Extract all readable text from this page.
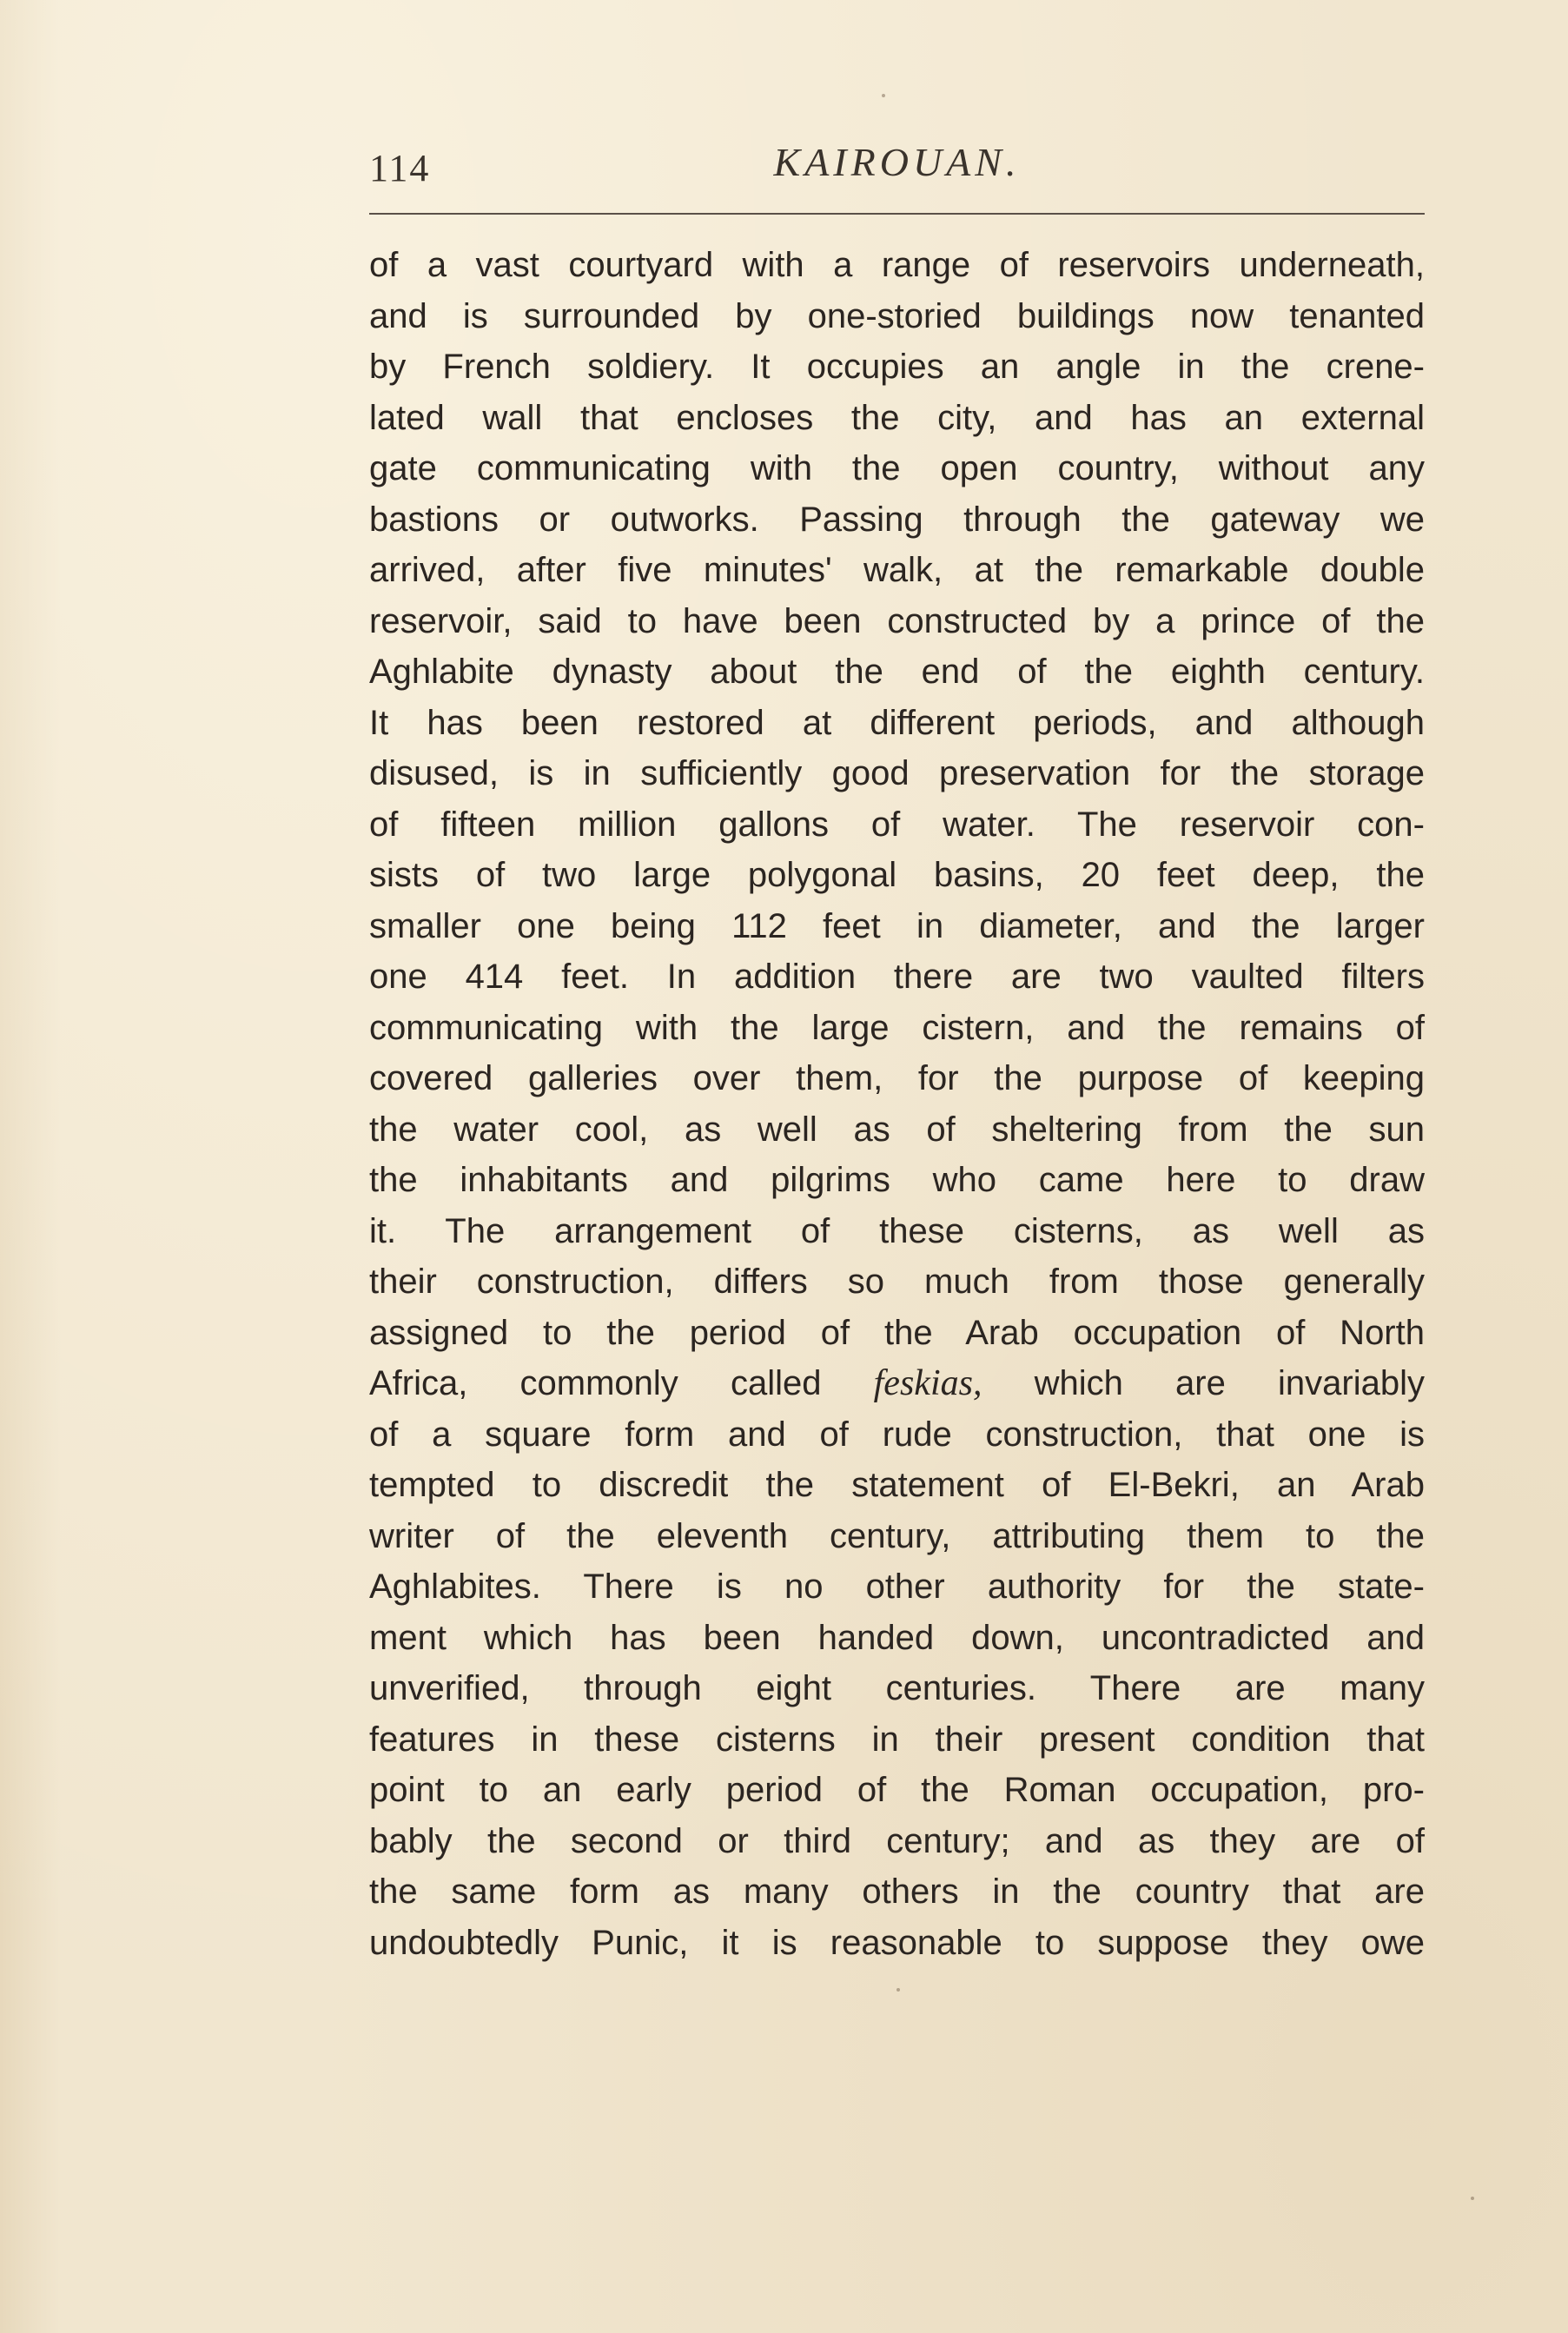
114	KAIROUAN.
of a vast courtyard with a range of reservoirs underneath,
and is surrounded by one-storied buildings now tenanted
by French soldiery. It occupies an angle in the crene-
lated wall that encloses the city, and has an external
gate communicating with the open country, without any
bastions or outworks. Passing through the gateway we
arrived, after five minutes' walk, at the remarkable double
reservoir, said to have been constructed by a prince of the
Aghlabite dynasty about the end of the eighth century.
It has been restored at different periods, and although
disused, is in sufficiently good preservation for the storage
of fifteen million gallons of water. The reservoir con-
sists of two large polygonal basins, 20 feet deep, the
smaller one being 112 feet in diameter, and the larger
one 414 feet. In addition there are two vaulted filters
communicating with the large cistern, and the remains of
covered galleries over them, for the purpose of keeping
the water cool, as well as of sheltering from the sun
the inhabitants and pilgrims who came here to draw
it. The arrangement of these cisterns, as well as
their construction, differs so much from those generally
assigned to the period of the Arab occupation of North
Africa, commonly called feskias, which are invariably
of a square form and of rude construction, that one is
tempted to discredit the statement of El-Bekri, an Arab
writer of the eleventh century, attributing them to the
Aghlabites. There is no other authority for the state-
ment which has been handed down, uncontradicted and
unverified, through eight centuries. There are many
features in these cisterns in their present condition that
point to an early period of the Roman occupation, pro-
bably the second or third century; and as they are of
the same form as many others in the country that are
undoubtedly Punic, it is reasonable to suppose they owe
